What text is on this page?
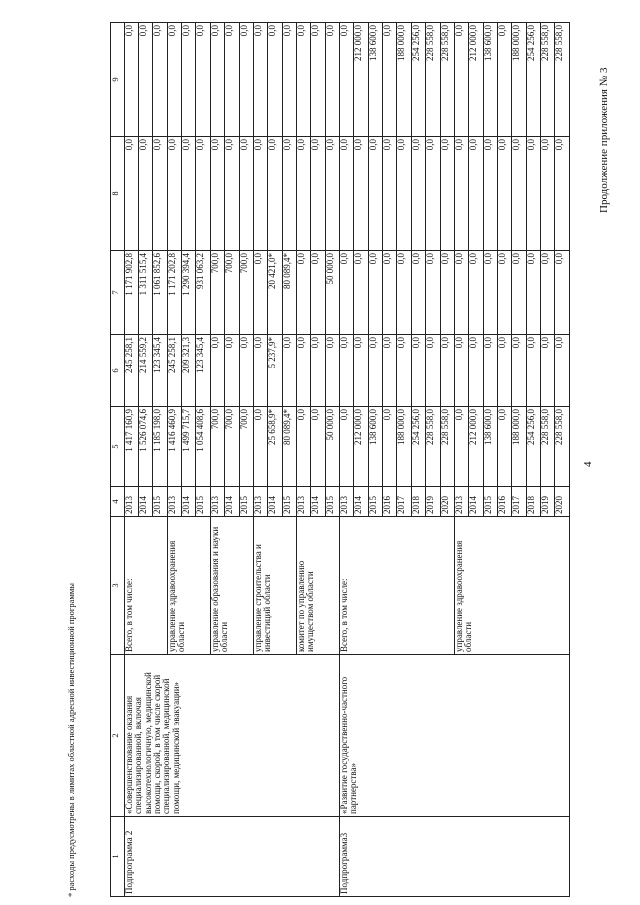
Продолжение приложения № 3
4
1	2	3	4	5	6	7	8	9
Подпрограмма 2	«Совершенствование оказания специализированной, включая высокотехнологичную, медицинской помощи, скорой, в том числе скорой специализированной, медицинской помощи, медицинской эвакуации»	Всего, в том числе:	2013	1 417 160,9	245 258,1	1 171 902,8	0,0	0,0
			2014	1 526 074,6	214 559,2	1 311 515,4	0,0	0,0
			2015	1 185 198,0	123 345,4	1 061 852,6	0,0	0,0
		управление здравоохранения области	2013	1 416 460,9	245 258,1	1 171 202,8	0,0	0,0
			2014	1 499 715,7	209 321,3	1 290 394,4	0,0	0,0
			2015	1 054 408,6	123 345,4	931 063,2	0,0	0,0
		управление образования и науки области	2013	700,0	0,0	700,0	0,0	0,0
			2014	700,0	0,0	700,0	0,0	0,0
			2015	700,0	0,0	700,0	0,0	0,0
		управление строительства и инвестиций области	2013	0,0	0,0	0,0	0,0	0,0
			2014	25 658,9*	5 237,9*	20 421,0*	0,0	0,0
			2015	80 089,4*	0,0	80 089,4*	0,0	0,0
		комитет по управлению имуществом области	2013	0,0	0,0	0,0	0,0	0,0
			2014	0,0	0,0	0,0	0,0	0,0
			2015	50 000,0	0,0	50 000,0	0,0	0,0
Подпрограмма3	«Развитие государственно-частного партнерства»	Всего, в том числе:	2013	0,0	0,0	0,0	0,0	0,0
			2014	212 000,0	0,0	0,0	0,0	212 000,0
			2015	138 600,0	0,0	0,0	0,0	138 600,0
			2016	0,0	0,0	0,0	0,0	0,0
			2017	188 000,0	0,0	0,0	0,0	188 000,0
			2018	254 256,0	0,0	0,0	0,0	254 256,0
			2019	228 558,0	0,0	0,0	0,0	228 558,0
			2020	228 558,0	0,0	0,0	0,0	228 558,0
		управление здравоохранения области	2013	0,0	0,0	0,0	0,0	0,0
			2014	212 000,0	0,0	0,0	0,0	212 000,0
			2015	138 600,0	0,0	0,0	0,0	138 600,0
			2016	0,0	0,0	0,0	0,0	0,0
			2017	188 000,0	0,0	0,0	0,0	188 000,0
			2018	254 256,0	0,0	0,0	0,0	254 256,0
			2019	228 558,0	0,0	0,0	0,0	228 558,0
			2020	228 558,0	0,0	0,0	0,0	228 558,0
* расходы предусмотрены в лимитах областной адресной инвестиционной программы
